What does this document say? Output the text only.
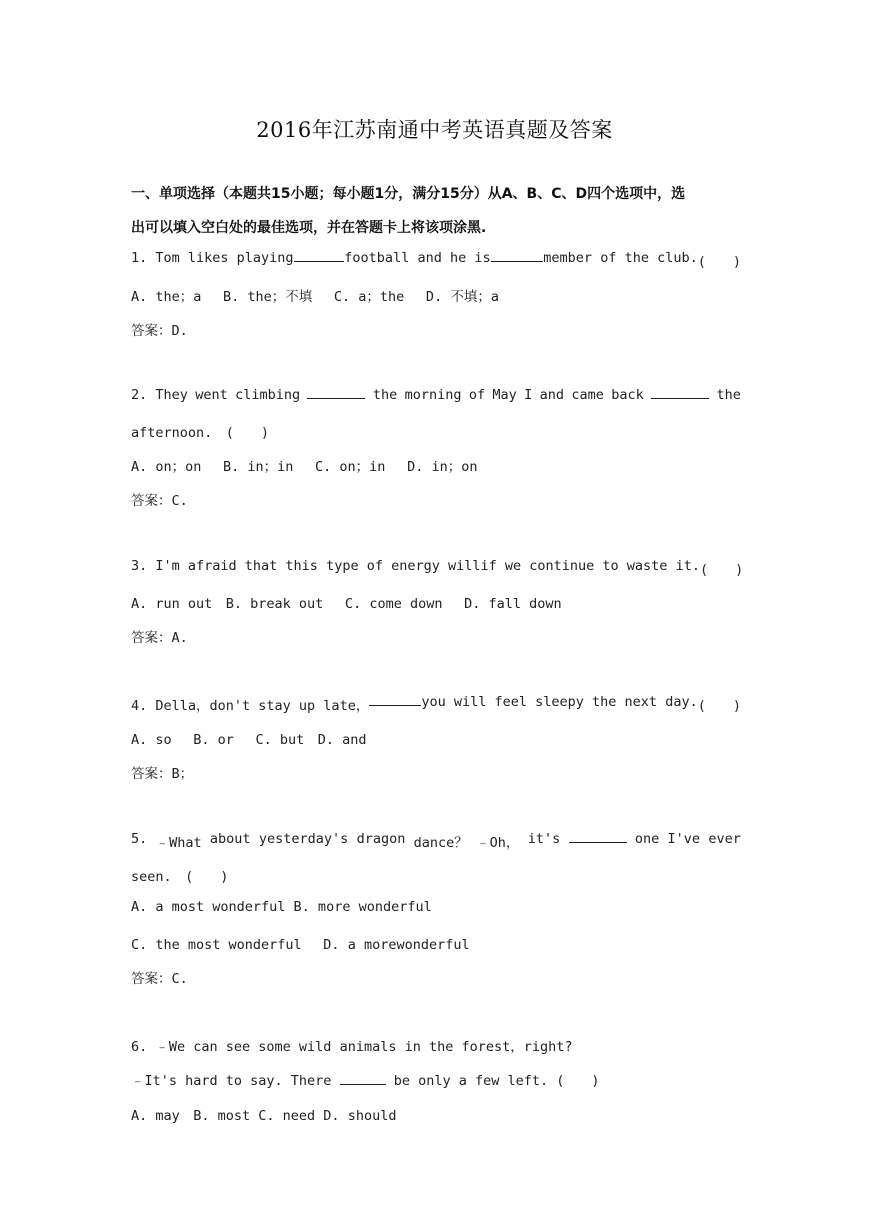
2016年江苏南通中考英语真题及答案
一、单项选择（本题共15小题；每小题1分，满分15分）从A、B、C、D四个选项中，选
出可以填入空白处的最佳选项，并在答题卡上将该项涂黑.
1. Tom likes playing	football and he is	member of the club. (　　)
A. the；a　 B. the；不填　 C. a；the　 D. 不填；a
答案：D.
2. They went climbing	the morning of May I and came back	the
afternoon.　(　　)
A. on；on　 B. in；in　 C. on；in　 D. in；on
答案：C.
3. I'm afraid that this type of energy will if we continue to waste it. (　　)
A. run out　B. break out　 C. come down　 D. fall down
答案：A.
4. Della，don't stay up late，	you will feel sleepy the next day. (　　)
A. so　 B. or　 C. but　D. and
答案：B；
5. ﹣What about yesterday's dragon dance？ ﹣Oh， it's	one I've ever
seen.　(　　)
A. a most wonderful B. more wonderful
C. the most wonderful　 D. a morewonderful
答案：C.
6. ﹣We can see some wild animals in the forest，right?
﹣It's hard to say. There	be only a few left. (　　)
A. may　B. most C. need D. should
